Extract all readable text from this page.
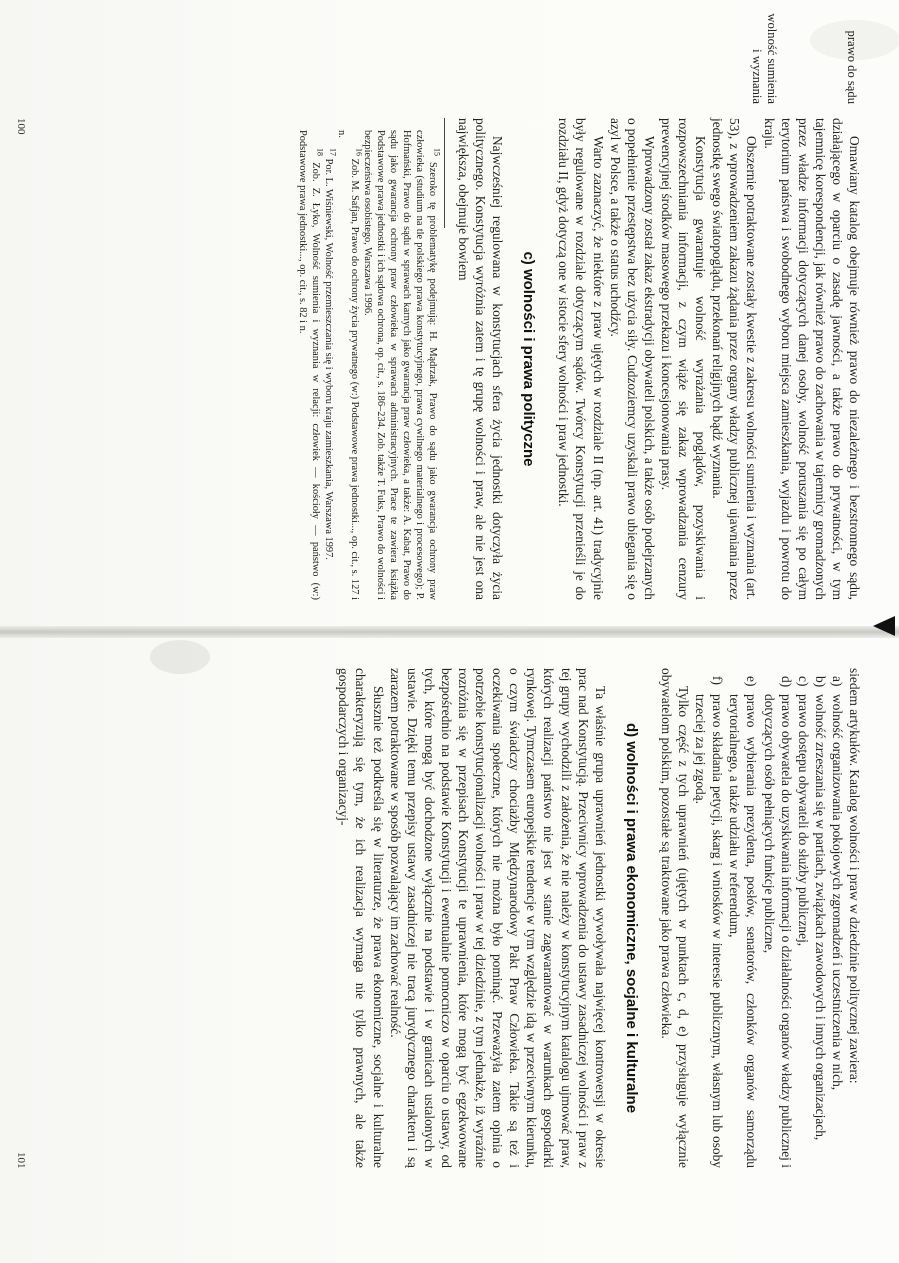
prawo do sądu
wolność sumienia i wyznania

Omawiany katalog obejmuje również prawo do niezależnego i bezstronnego sądu, działającego w oparciu o zasadę jawności, a także prawo do prywatności, w tym tajemnicę korespondencji, jak również prawo do zachowania w tajemnicy gromadzonych przez władze informacji dotyczących danej osoby, wolność poruszania się po całym terytorium państwa i swobodnego wyboru miejsca zamieszkania, wyjazdu i powrotu do kraju.

Obszernie potraktowane zostały kwestie z zakresu wolności sumienia i wyznania (art. 53), z wprowadzeniem zakazu żądania przez organy władzy publicznej ujawniania przez jednostkę swego światopoglądu, przekonań religijnych bądź wyznania.

Konstytucja gwarantuje wolność wyrażania poglądów, pozyskiwania i rozpowszechniania informacji, z czym wiąże się zakaz wprowadzania cenzury prewencyjnej środków masowego przekazu i koncesjonowania prasy.

Wprowadzony został zakaz ekstradycji obywateli polskich, a także osób podejrzanych o popełnienie przestępstwa bez użycia siły. Cudzoziemcy uzyskali prawo ubiegania się o azyl w Polsce, a także o status uchodźcy.

Warto zaznaczyć, że niektóre z praw ujętych w rozdziale II (np. art. 41) tradycyjnie były regulowane w rozdziale dotyczącym sądów. Twórcy Konstytucji przenieśli je do rozdziału II, gdyż dotyczą one w istocie sfery wolności i praw jednostki.

c) wolności i prawa polityczne

Najwcześniej regulowana w konstytucjach sfera życia jednostki dotyczyła życia politycznego. Konstytucja wyróżnia zatem i tę grupę wolności i praw, ale nie jest ona największa, obejmuje bowiem

$^{15}$ Szeroko tę problematykę podejmują: H. Mądrzak, Prawo do sądu jako gwarancja ochrony praw człowieka (studium na tle polskiego prawa konstytucyjnego, prawa cywilnego materialnego i procesowego); P. Hofmański, Prawo do sądu w sprawach karnych jako gwarancja praw człowieka, a także: A. Kabat, Prawo do sądu jako gwarancja ochrony praw człowieka w sprawach administracyjnych. Prace te zawiera książka Podstawowe prawa jednostki i ich sądowa ochrona, op. cit., s. 186–234. Zob. także T. Fuks, Prawo do wolności i bezpieczeństwa osobistego, Warszawa 1996.

$^{16}$ Zob. M. Safjan, Prawo do ochrony życia prywatnego (w:) Podstawowe prawa jednostki..., op. cit., s. 127 i n.

$^{17}$ Por. L. Wiśniewski, Wolność przemieszczania się i wyboru kraju zamieszkania, Warszawa 1997.

$^{18}$ Zob. Z. Łyko, Wolność sumienia i wyznania w relacji: człowiek — kościoły — państwo (w:) Podstawowe prawa jednostki..., op. cit., s. 82 i n.

100

siedem artykułów. Katalog wolności i praw w dziedzinie politycznej zawiera:

a)
wolność organizowania pokojowych zgromadzeń i uczestniczenia w nich,
b)
wolność zrzeszania się w partiach, związkach zawodowych i innych organizacjach,
c)
prawo dostępu obywateli do służby publicznej,
d)
prawo obywatela do uzyskiwania informacji o działalności organów władzy publicznej i dotyczących osób pełniących funkcje publiczne,
e)
prawo wybierania prezydenta, posłów, senatorów, członków organów samorządu terytorialnego, a także udziału w referendum,
f)
prawo składania petycji, skarg i wniosków w interesie publicznym, własnym lub osoby trzeciej za jej zgodą.

Tylko część z tych uprawnień (ujętych w punktach c, d, e) przysługuje wyłącznie obywatelom polskim, pozostałe są traktowane jako prawa człowieka.

d) wolności i prawa ekonomiczne, socjalne i kulturalne

Ta właśnie grupa uprawnień jednostki wywoływała najwięcej kontrowersji w okresie prac nad Konstytucją. Przeciwnicy wprowadzenia do ustawy zasadniczej wolności i praw z tej grupy wychodzili z założenia, że nie należy w konstytucyjnym katalogu ujmować praw, których realizacji państwo nie jest w stanie zagwarantować w warunkach gospodarki rynkowej. Tymczasem europejskie tendencje w tym względzie idą w przeciwnym kierunku, o czym świadczy chociażby Międzynarodowy Pakt Praw Człowieka. Takie są też i oczekiwania społeczne, których nie można było pominąć. Przeważyła zatem opinia o potrzebie konstytucjonalizacji wolności i praw w tej dziedzinie, z tym jednakże, iż wyraźnie rozróżnia się w przepisach Konstytucji te uprawnienia, które mogą być egzekwowane bezpośrednio na podstawie Konstytucji i ewentualnie pomocniczo w oparciu o ustawy, od tych, które mogą być dochodzone wyłącznie na podstawie i w granicach ustalonych w ustawie. Dzięki temu przepisy ustawy zasadniczej nie tracą jurydycznego charakteru i są zarazem potraktowane w sposób pozwalający im zachować realność.

Słusznie też podkreśla się w literaturze, że prawa ekonomiczne, socjalne i kulturalne charakteryzują się tym, że ich realizacja wymaga nie tylko prawnych, ale także gospodarczych i organizacyj-

101
